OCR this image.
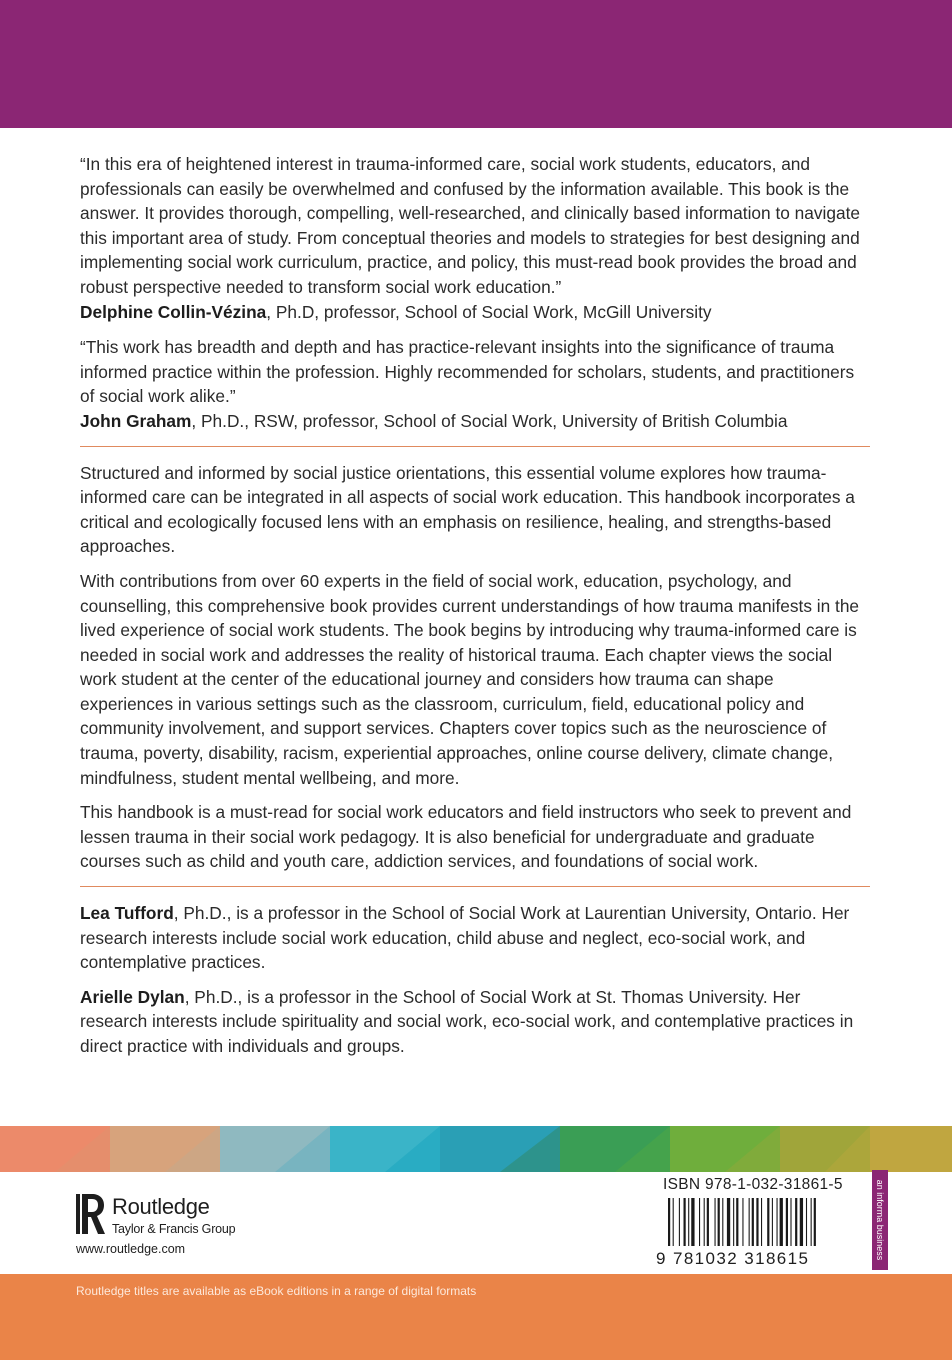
“In this era of heightened interest in trauma-informed care, social work students, educators, and professionals can easily be overwhelmed and confused by the information available. This book is the answer. It provides thorough, compelling, well-researched, and clinically based information to navigate this important area of study. From conceptual theories and models to strategies for best designing and implementing social work curriculum, practice, and policy, this must-read book provides the broad and robust perspective needed to transform social work education.”
Delphine Collin-Vézina, Ph.D, professor, School of Social Work, McGill University

“This work has breadth and depth and has practice-relevant insights into the significance of trauma informed practice within the profession. Highly recommended for scholars, students, and practitioners of social work alike.”
John Graham, Ph.D., RSW, professor, School of Social Work, University of British Columbia

Structured and informed by social justice orientations, this essential volume explores how trauma-informed care can be integrated in all aspects of social work education. This handbook incorporates a critical and ecologically focused lens with an emphasis on resilience, healing, and strengths-based approaches.

With contributions from over 60 experts in the field of social work, education, psychology, and counselling, this comprehensive book provides current understandings of how trauma manifests in the lived experience of social work students. The book begins by introducing why trauma-informed care is needed in social work and addresses the reality of historical trauma. Each chapter views the social work student at the center of the educational journey and considers how trauma can shape experiences in various settings such as the classroom, curriculum, field, educational policy and community involvement, and support services. Chapters cover topics such as the neuroscience of trauma, poverty, disability, racism, experiential approaches, online course delivery, climate change, mindfulness, student mental wellbeing, and more.

This handbook is a must-read for social work educators and field instructors who seek to prevent and lessen trauma in their social work pedagogy. It is also beneficial for undergraduate and graduate courses such as child and youth care, addiction services, and foundations of social work.

Lea Tufford, Ph.D., is a professor in the School of Social Work at Laurentian University, Ontario. Her research interests include social work education, child abuse and neglect, eco-social work, and contemplative practices.

Arielle Dylan, Ph.D., is a professor in the School of Social Work at St. Thomas University. Her research interests include spirituality and social work, eco-social work, and contemplative practices in direct practice with individuals and groups.

Routledge
Taylor & Francis Group
www.routledge.com
ISBN 978-1-032-31861-5
9 781032 318615	an informa business
Routledge titles are available as eBook editions in a range of digital formats
